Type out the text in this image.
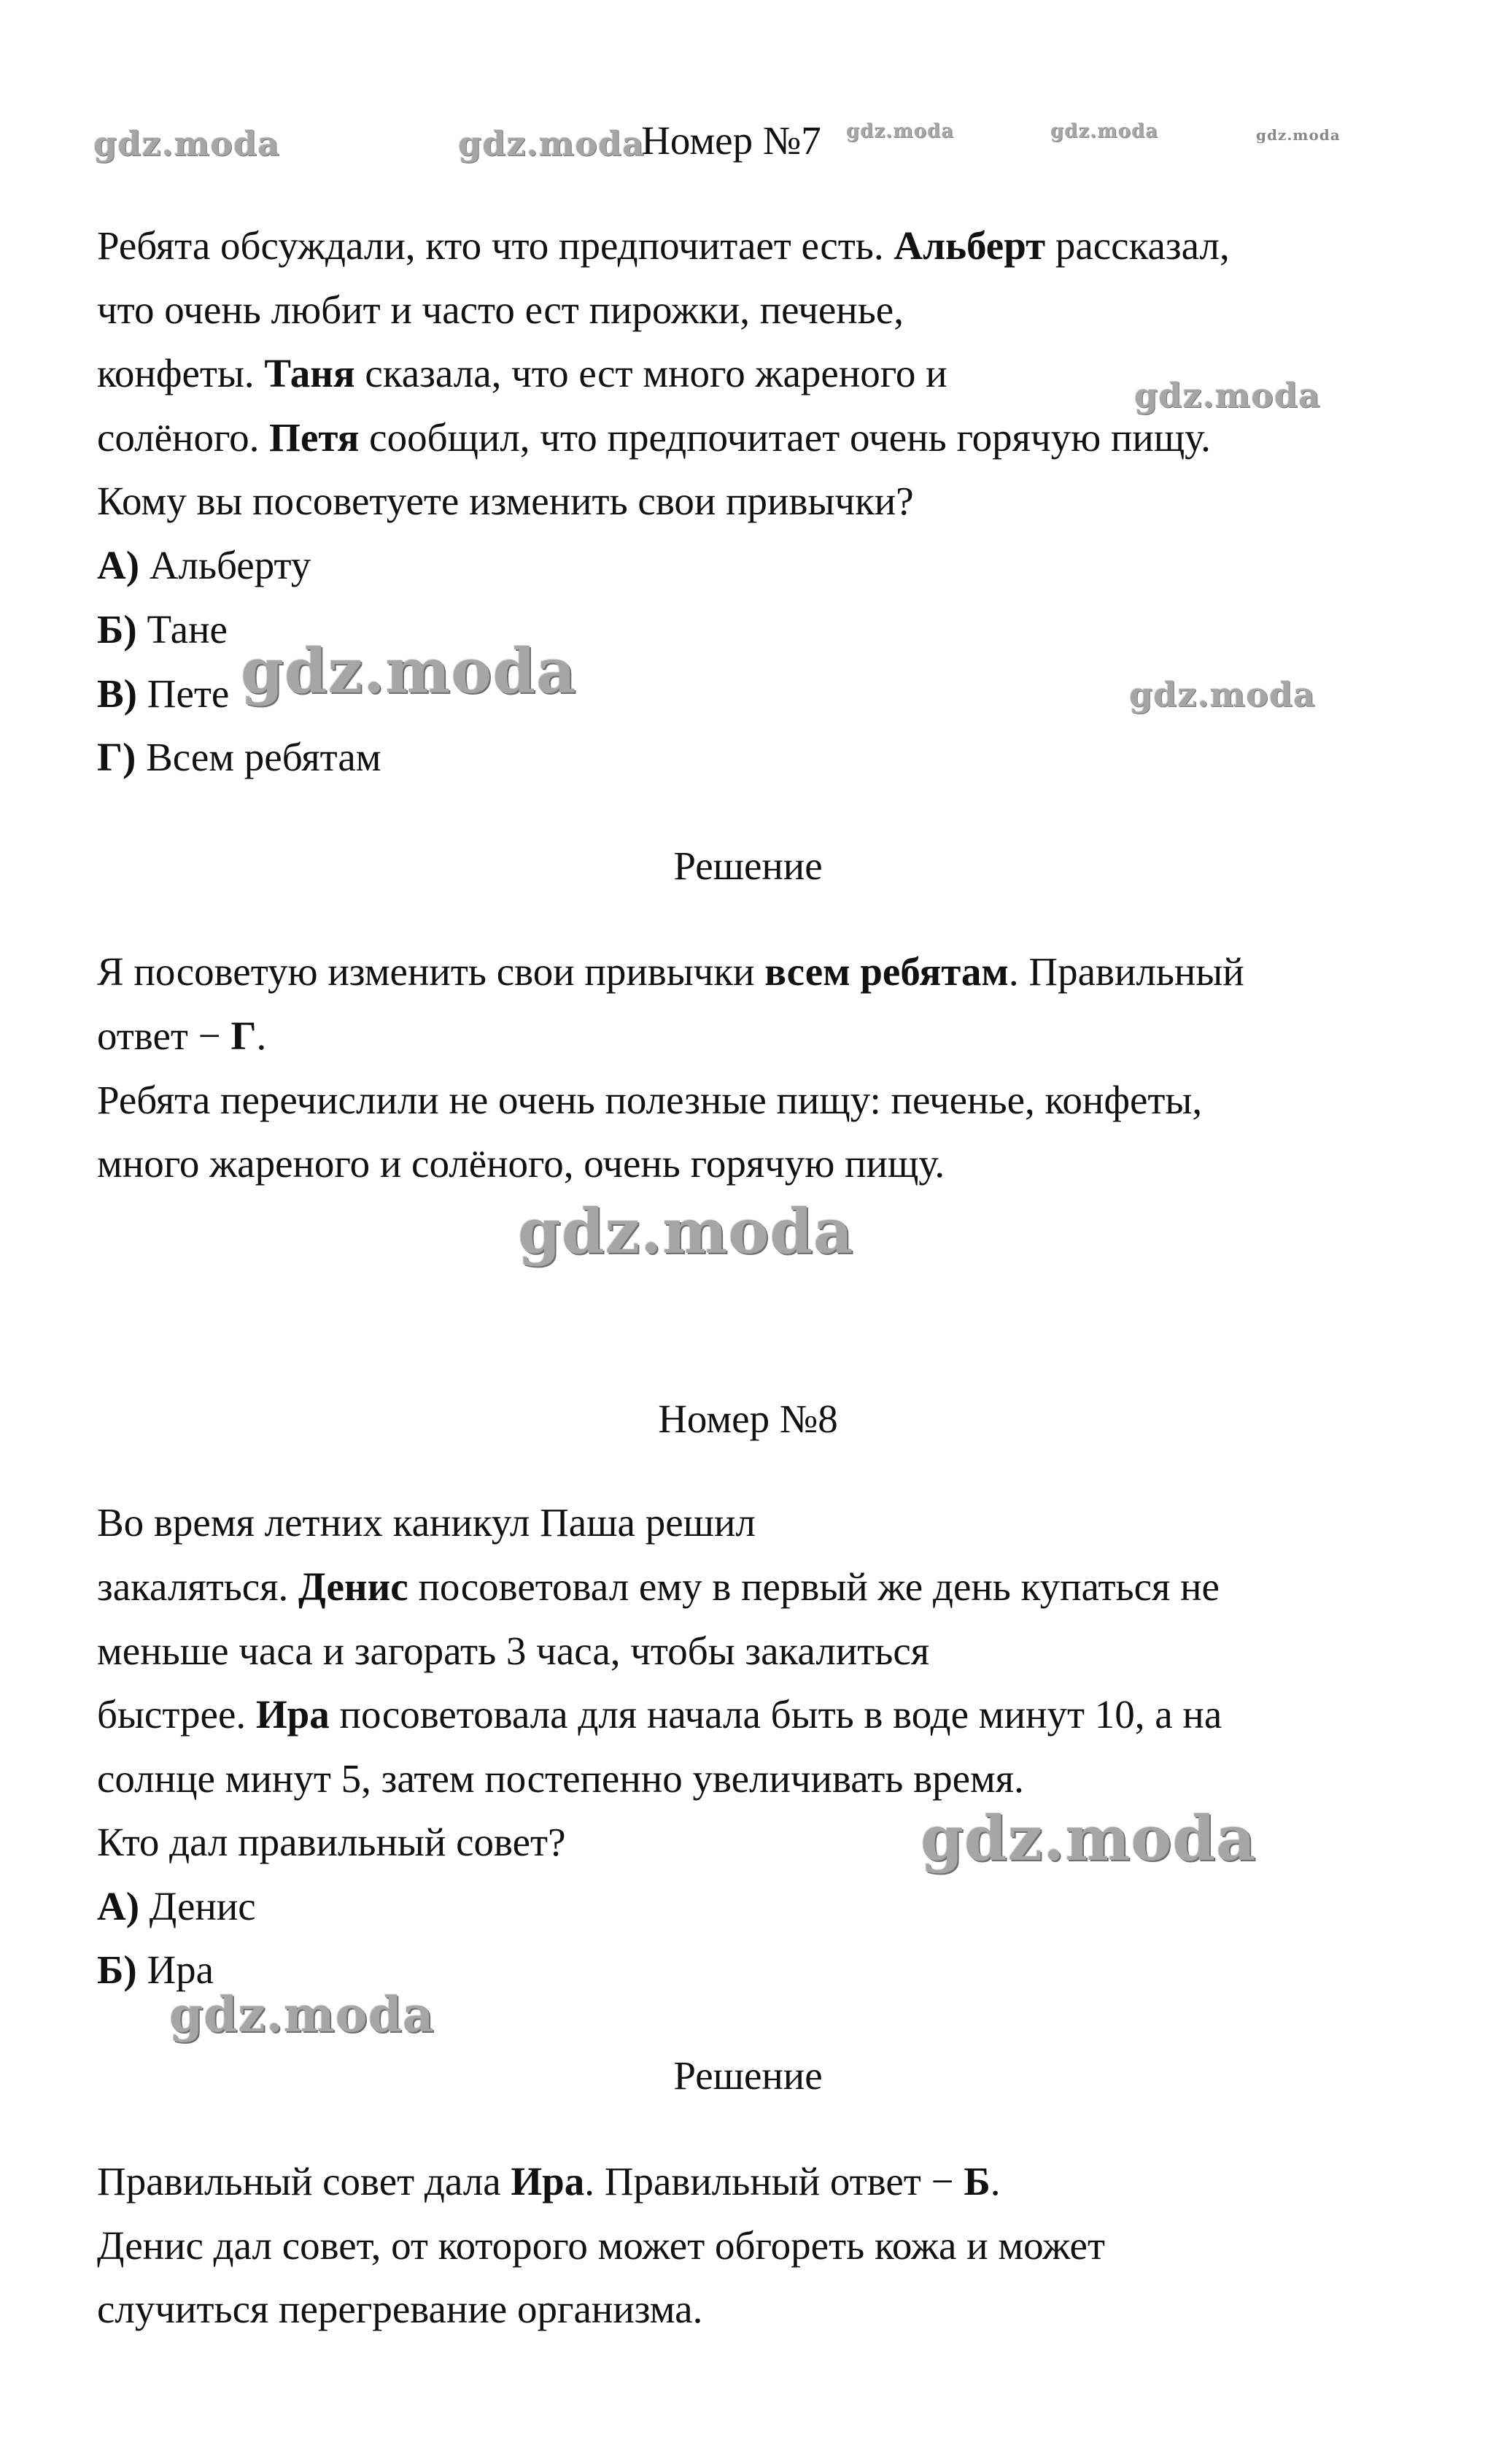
gdz.moda	gdz.moda	gdz.moda	gdz.moda	gdz.moda

Номер №7

Ребята обсуждали, кто что предпочитает есть. Альберт рассказал,

что очень любит и часто ест пирожки, печенье,

конфеты. Таня сказала, что ест много жареного и	gdz.moda

солёного. Петя сообщил, что предпочитает очень горячую пищу.

Кому вы посоветуете изменить свои привычки?

А) Альберту

Б) Тане

В) Пете gdz.moda	gdz.moda

Г) Всем ребятам

Решение

Я посоветую изменить свои привычки всем ребятам. Правильный

ответ − Г.

Ребята перечислили не очень полезные пищу: печенье, конфеты,

много жареного и солёного, очень горячую пищу.

gdz.moda

Номер №8

Во время летних каникул Паша решил

закаляться. Денис посоветовал ему в первый же день купаться не

меньше часа и загорать 3 часа, чтобы закалиться

быстрее. Ира посоветовала для начала быть в воде минут 10, а на

солнце минут 5, затем постепенно увеличивать время.

Кто дал правильный совет?	gdz.moda

А) Денис

Б) Ира

gdz.moda

Решение

Правильный совет дала Ира. Правильный ответ − Б.

Денис дал совет, от которого может обгореть кожа и может

случиться перегревание организма.
